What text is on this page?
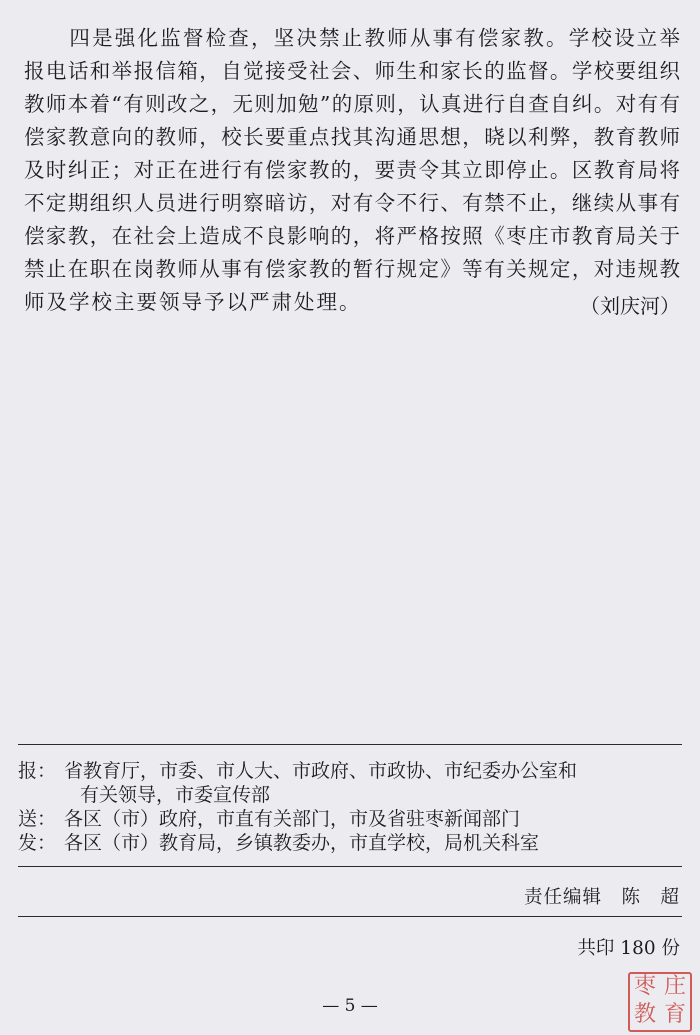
　　四是强化监督检查，坚决禁止教师从事有偿家教。学校设立举
报电话和举报信箱，自觉接受社会、师生和家长的监督。学校要组织
教师本着“有则改之，无则加勉”的原则，认真进行自查自纠。对有有
偿家教意向的教师，校长要重点找其沟通思想，晓以利弊，教育教师
及时纠正；对正在进行有偿家教的，要责令其立即停止。区教育局将
不定期组织人员进行明察暗访，对有令不行、有禁不止，继续从事有
偿家教，在社会上造成不良影响的，将严格按照《枣庄市教育局关于
禁止在职在岗教师从事有偿家教的暂行规定》等有关规定，对违规教
师及学校主要领导予以严肃处理。	（刘庆河）
报： 省教育厅，市委、市人大、市政府、市政协、市纪委办公室和
有关领导，市委宣传部
送： 各区（市）政府，市直有关部门，市及省驻枣新闻部门
发： 各区（市）教育局，乡镇教委办，市直学校，局机关科室
责任编辑　陈　超
共印 180 份
— 5 —
枣 庄
教 育
